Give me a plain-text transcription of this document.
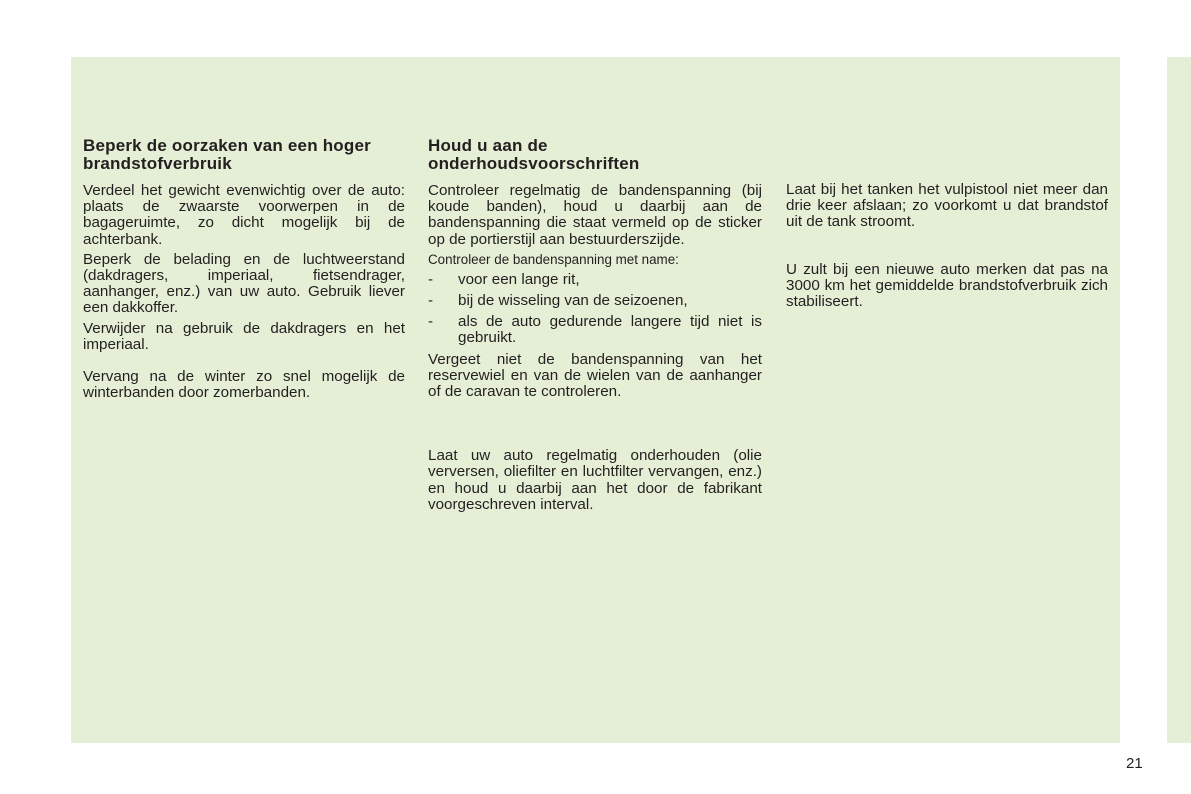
Beperk de oorzaken van een hoger brandstofverbruik

Verdeel het gewicht evenwichtig over de auto: plaats de zwaarste voorwerpen in de bagageruimte, zo dicht mogelijk bij de achterbank.

Beperk de belading en de luchtweerstand (dakdragers, imperiaal, fietsendrager, aanhanger, enz.) van uw auto. Gebruik liever een dakkoffer.

Verwijder na gebruik de dakdragers en het imperiaal.

Vervang na de winter zo snel mogelijk de winterbanden door zomerbanden.

Houd u aan de onderhoudsvoorschriften

Controleer regelmatig de bandenspanning (bij koude banden), houd u daarbij aan de bandenspanning die staat vermeld op de sticker op de portierstijl aan bestuurderszijde.

Controleer de bandenspanning met name:

- voor een lange rit,
- bij de wisseling van de seizoenen,
- als de auto gedurende langere tijd niet is gebruikt.

Vergeet niet de bandenspanning van het reservewiel en van de wielen van de aanhanger of de caravan te controleren.

Laat uw auto regelmatig onderhouden (olie verversen, oliefilter en luchtfilter vervangen, enz.) en houd u daarbij aan het door de fabrikant voorgeschreven interval.

Laat bij het tanken het vulpistool niet meer dan drie keer afslaan; zo voorkomt u dat brandstof uit de tank stroomt.

U zult bij een nieuwe auto merken dat pas na 3000 km het gemiddelde brandstofverbruik zich stabiliseert.

21
